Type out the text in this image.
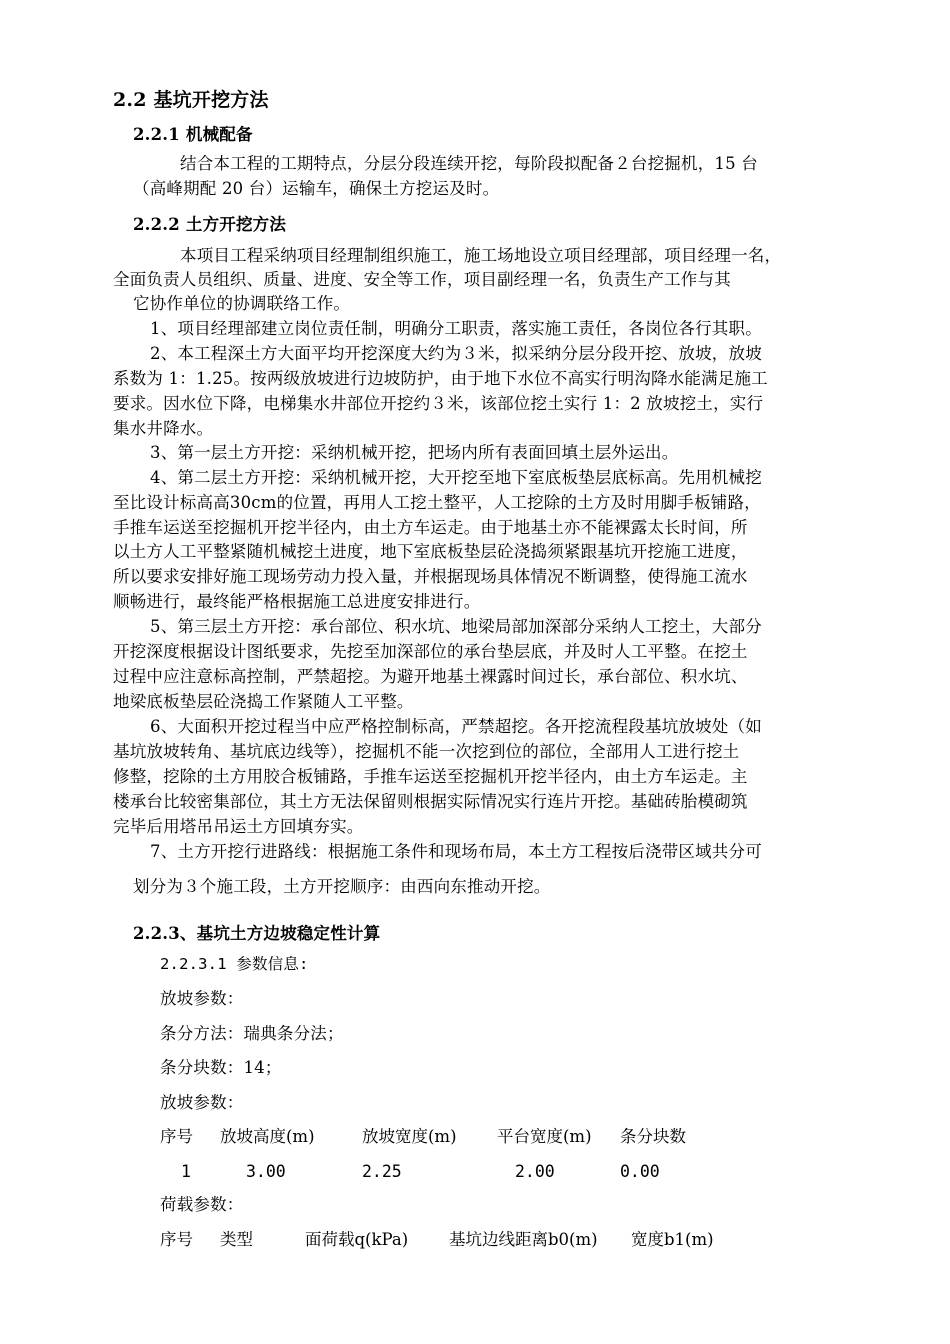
2.2 基坑开挖方法
2.2.1 机械配备
结合本工程的工期特点，分层分段连续开挖，每阶段拟配备２台挖掘机，15 台
（高峰期配 20 台）运输车，确保土方挖运及时。
2.2.2 土方开挖方法
本项目工程采纳项目经理制组织施工，施工场地设立项目经理部，项目经理一名，
全面负责人员组织、质量、进度、安全等工作，项目副经理一名，负责生产工作与其
它协作单位的协调联络工作。
1、项目经理部建立岗位责任制，明确分工职责，落实施工责任，各岗位各行其职。
2、本工程深土方大面平均开挖深度大约为３米，拟采纳分层分段开挖、放坡，放坡
系数为 1：1.25。按两级放坡进行边坡防护，由于地下水位不高实行明沟降水能满足施工
要求。因水位下降，电梯集水井部位开挖约３米，该部位挖土实行 1：2 放坡挖土，实行
集水井降水。
3、第一层土方开挖：采纳机械开挖，把场内所有表面回填土层外运出。
4、第二层土方开挖：采纳机械开挖，大开挖至地下室底板垫层底标高。先用机械挖
至比设计标高高30cm的位置，再用人工挖土整平，人工挖除的土方及时用脚手板铺路，
手推车运送至挖掘机开挖半径内，由土方车运走。由于地基土亦不能裸露太长时间，所
以土方人工平整紧随机械挖土进度，地下室底板垫层砼浇捣须紧跟基坑开挖施工进度，
所以要求安排好施工现场劳动力投入量，并根据现场具体情况不断调整，使得施工流水
顺畅进行，最终能严格根据施工总进度安排进行。
5、第三层土方开挖：承台部位、积水坑、地梁局部加深部分采纳人工挖土，大部分
开挖深度根据设计图纸要求，先挖至加深部位的承台垫层底，并及时人工平整。在挖土
过程中应注意标高控制，严禁超挖。为避开地基土裸露时间过长，承台部位、积水坑、
地梁底板垫层砼浇捣工作紧随人工平整。
6、大面积开挖过程当中应严格控制标高，严禁超挖。各开挖流程段基坑放坡处（如
基坑放坡转角、基坑底边线等），挖掘机不能一次挖到位的部位，全部用人工进行挖土
修整，挖除的土方用胶合板铺路，手推车运送至挖掘机开挖半径内，由土方车运走。主
楼承台比较密集部位，其土方无法保留则根据实际情况实行连片开挖。基础砖胎模砌筑
完毕后用塔吊吊运土方回填夯实。
7、土方开挖行进路线：根据施工条件和现场布局，本土方工程按后浇带区域共分可
划分为３个施工段，土方开挖顺序：由西向东推动开挖。
2.2.3、基坑土方边坡稳定性计算
2.2.3.1 参数信息:
放坡参数：
条分方法：瑞典条分法；
条分块数：14；
放坡参数：
序号 放坡高度(m)	放坡宽度(m) 平台宽度(m) 条分块数
1	3.00	2.25	2.00	0.00
荷载参数：
序号 类型	面荷载q(kPa) 基坑边线距离b0(m) 宽度b1(m)
